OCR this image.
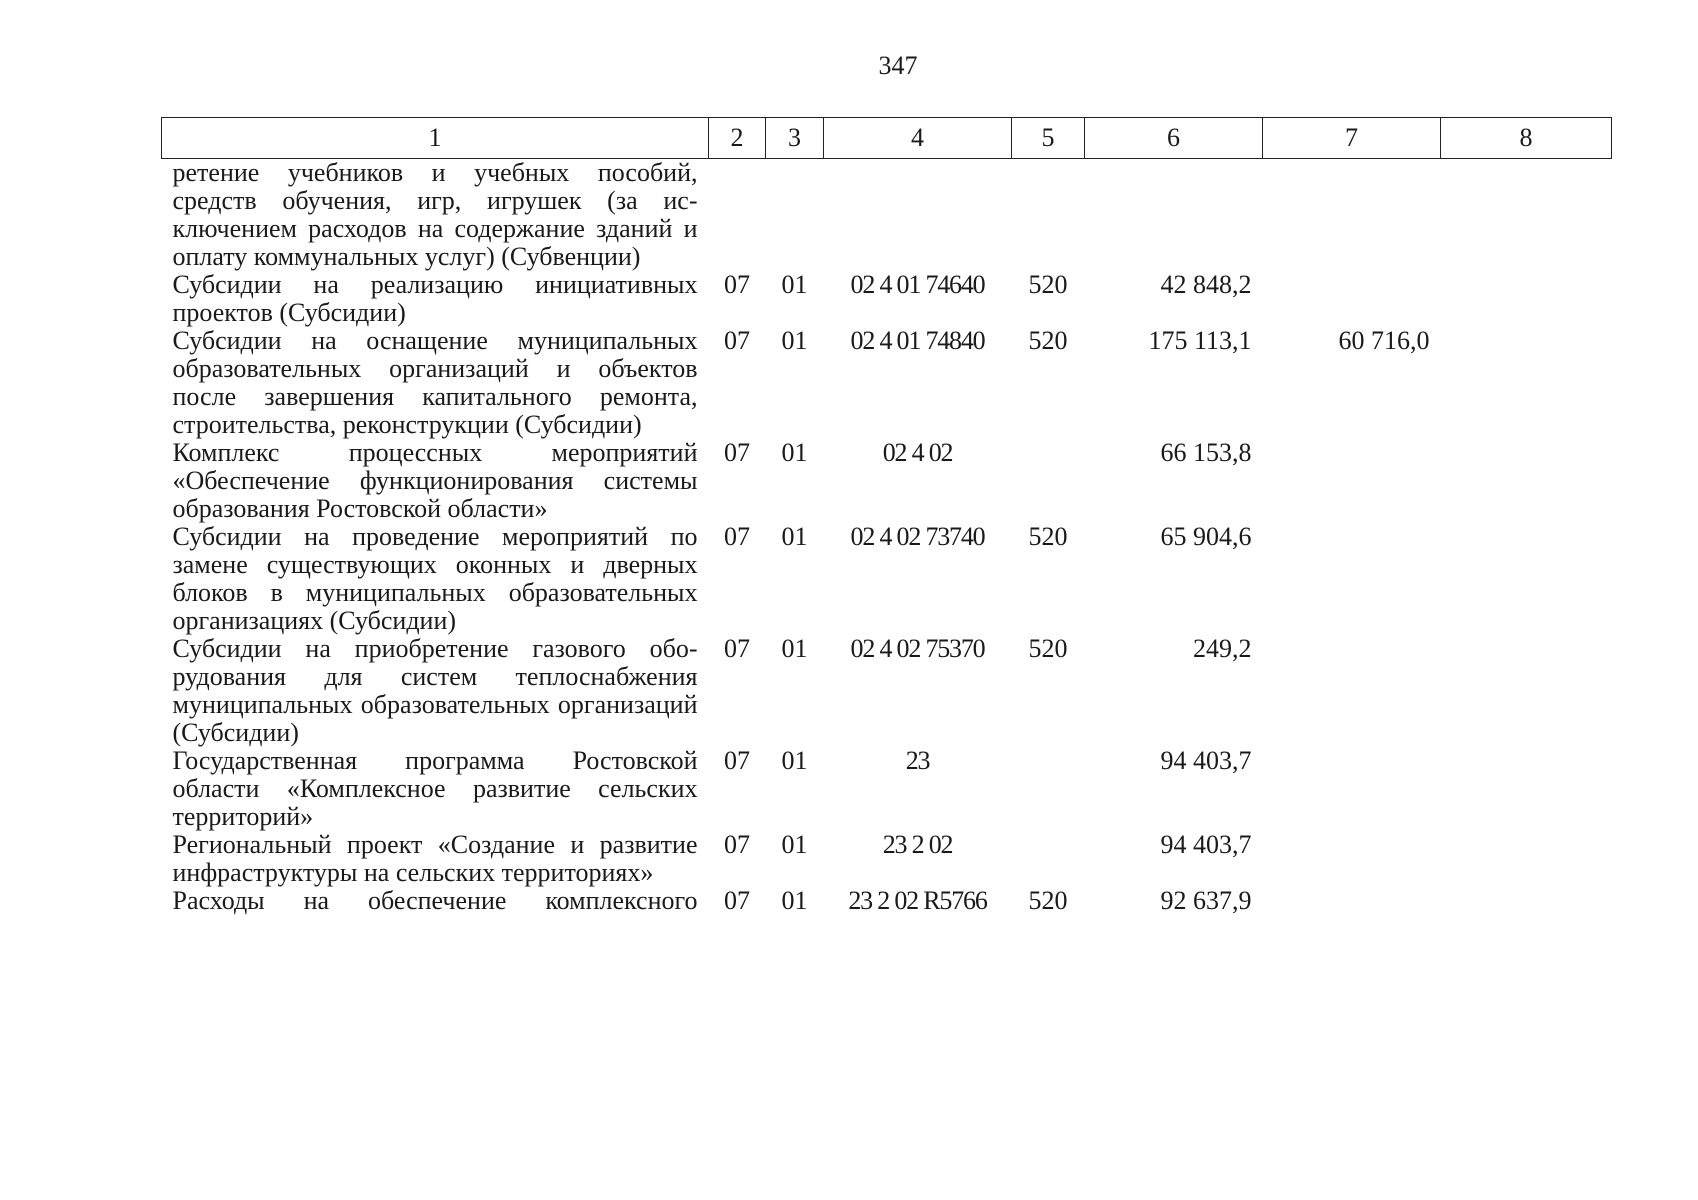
347
1	2	3	4	5	6	7	8
ретение учебников и учебных пособий, средств обучения, игр, игрушек (за исключением расходов на содержание зданий и оплату коммунальных услуг) (Субвенции)							
Субсидии на реализацию инициативных проектов (Субсидии)	07	01	02 4 01 74640	520	42 848,2		
Субсидии на оснащение муниципальных образовательных организаций и объектов после завершения капитального ремонта, строительства, реконструкции (Субсидии)	07	01	02 4 01 74840	520	175 113,1	60 716,0	
Комплекс процессных мероприятий «Обеспечение функционирования системы образования Ростовской области»	07	01	02 4 02		66 153,8		
Субсидии на проведение мероприятий по замене существующих оконных и дверных блоков в муниципальных образовательных организациях (Субсидии)	07	01	02 4 02 73740	520	65 904,6		
Субсидии на приобретение газового оборудования для систем теплоснабжения муниципальных образовательных организаций (Субсидии)	07	01	02 4 02 75370	520	249,2		
Государственная программа Ростовской области «Комплексное развитие сельских территорий»	07	01	23		94 403,7		
Региональный проект «Создание и развитие инфраструктуры на сельских территориях»	07	01	23 2 02		94 403,7		
Расходы на обеспечение комплексного	07	01	23 2 02 R5766	520	92 637,9		
